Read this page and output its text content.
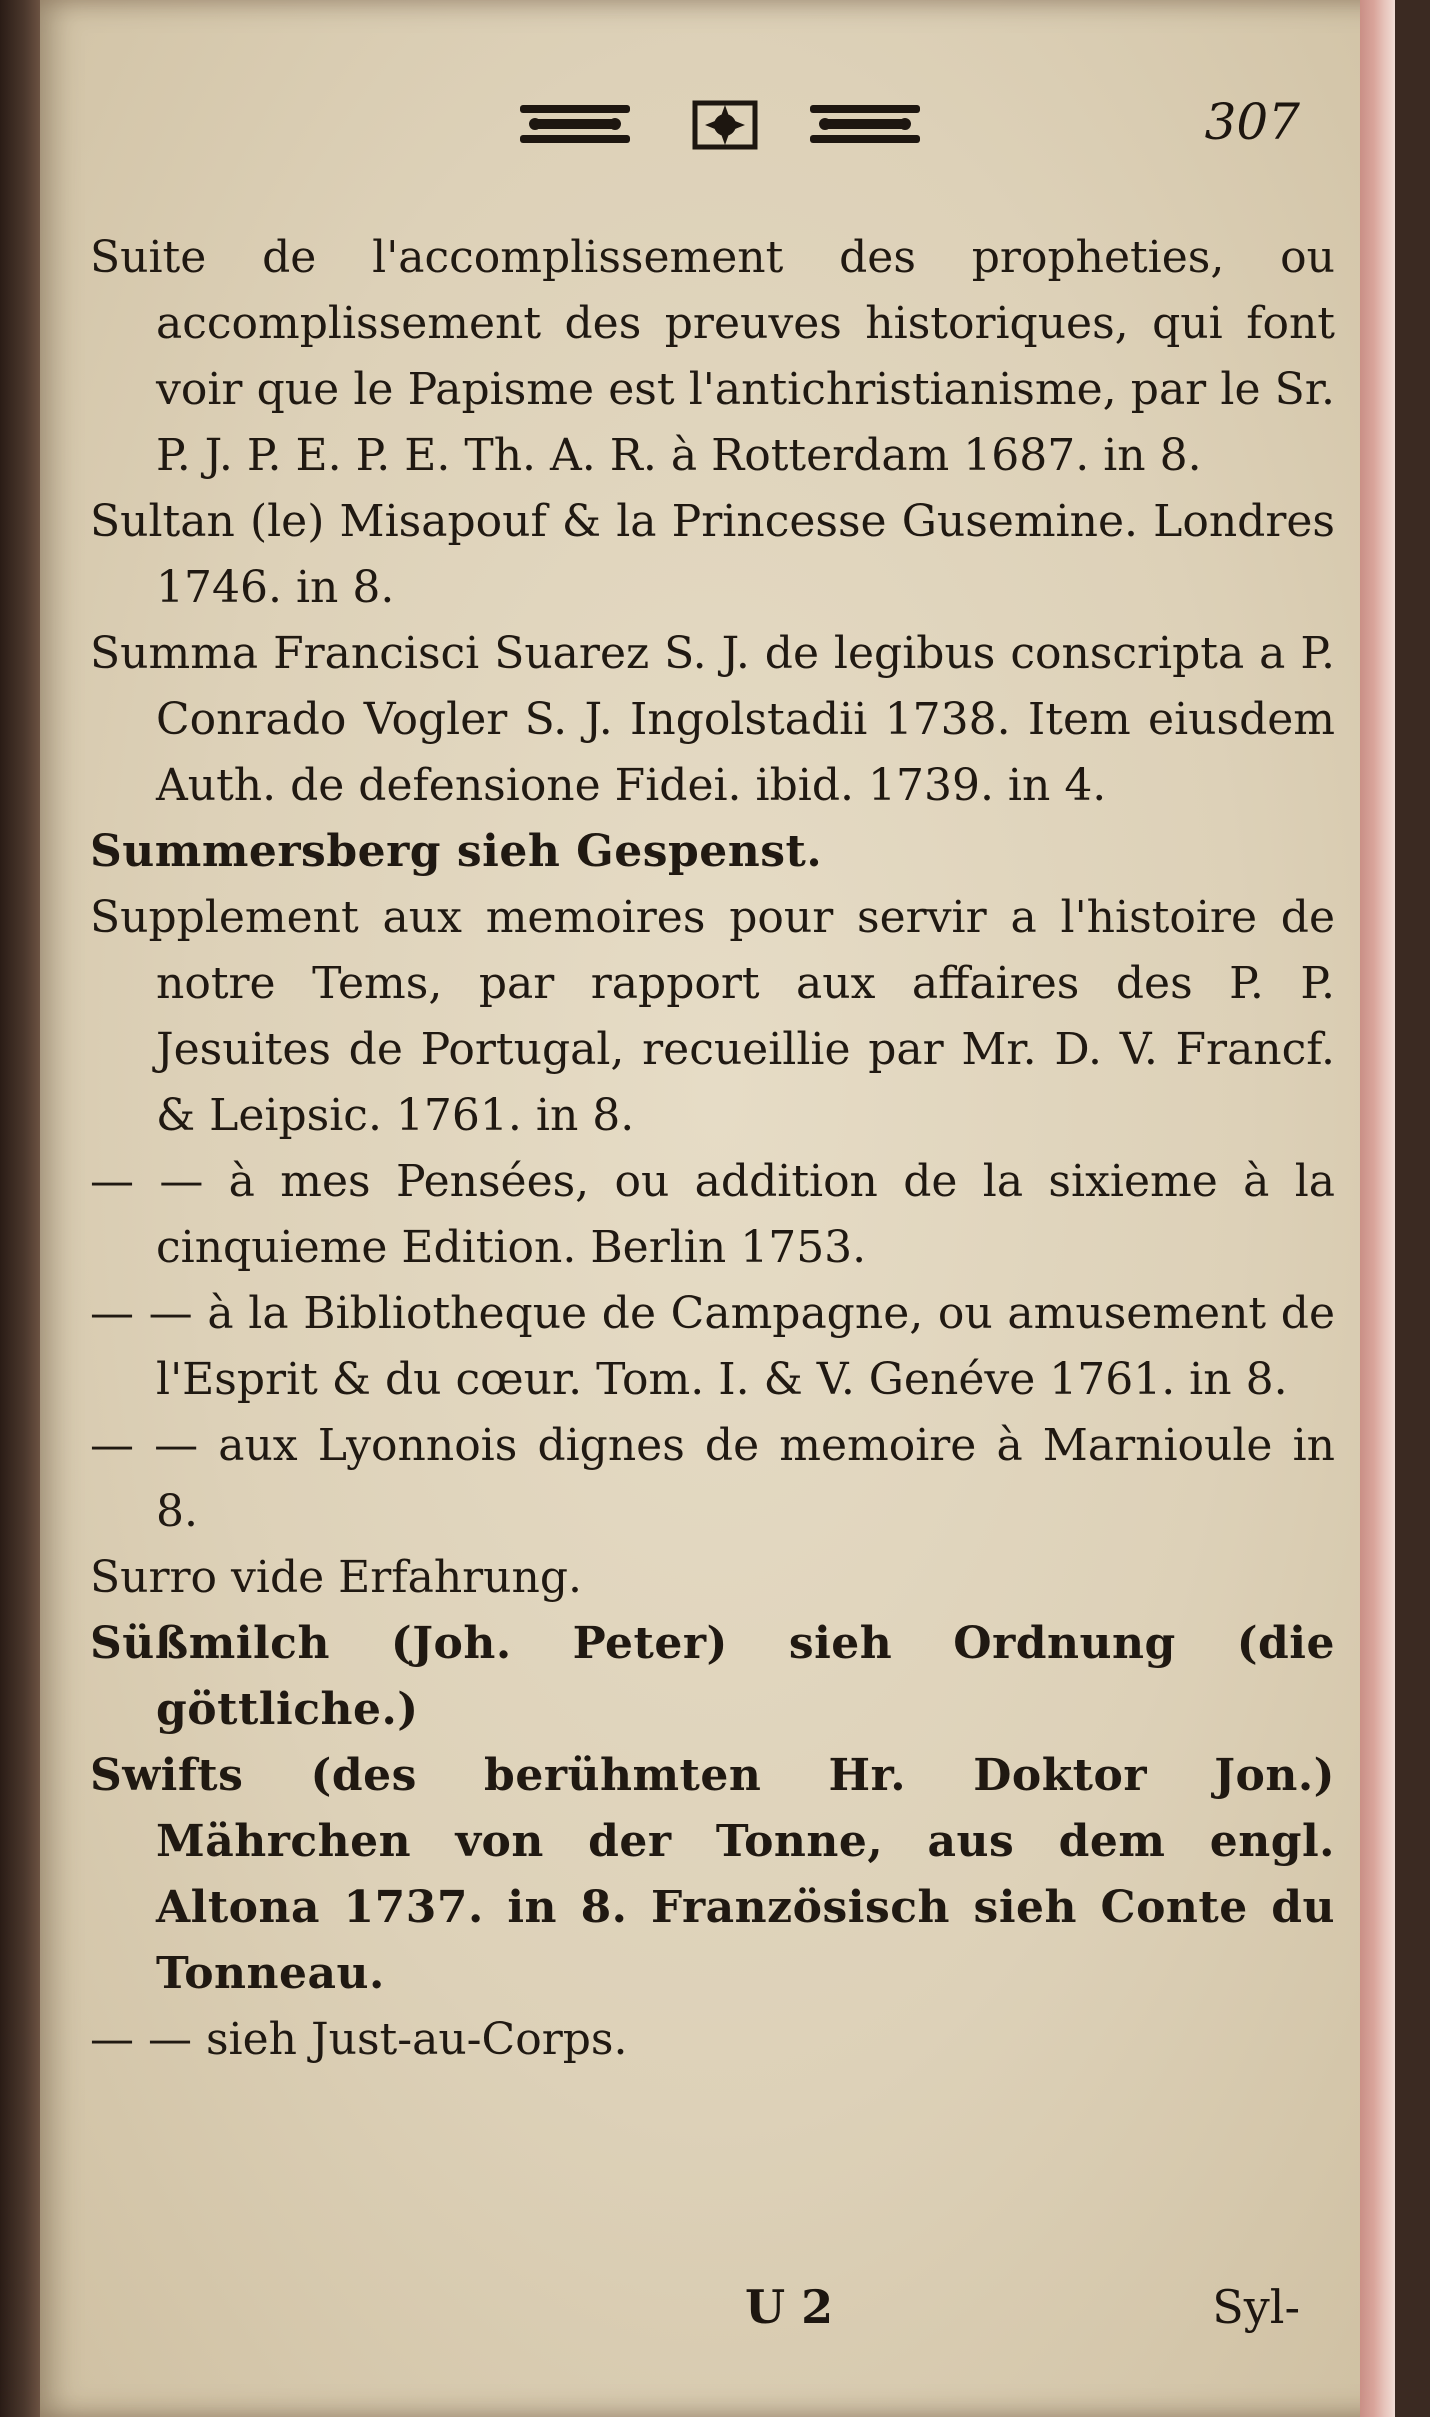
307

Suite de l'accomplissement des propheties, ou accomplissement des preuves historiques, qui font voir que le Papisme est l'antichristianisme, par le Sr. P. J. P. E. P. E. Th. A. R. à Rotterdam 1687. in 8.

Sultan (le) Misapouf & la Princesse Gusemine. Londres 1746. in 8.

Summa Francisci Suarez S. J. de legibus conscripta a P. Conrado Vogler S. J. Ingolstadii 1738. Item eiusdem Auth. de defensione Fidei. ibid. 1739. in 4.

Summersberg sieh Gespenst.

Supplement aux memoires pour servir a l'histoire de notre Tems, par rapport aux affaires des P. P. Jesuites de Portugal, recueillie par Mr. D. V. Francf. & Leipsic. 1761. in 8.

— — à mes Pensées, ou addition de la sixieme à la cinquieme Edition. Berlin 1753.

— — à la Bibliotheque de Campagne, ou amusement de l'Esprit & du cœur. Tom. I. & V. Genéve 1761. in 8.

— — aux Lyonnois dignes de memoire à Marnioule in 8.

Surro vide Erfahrung.

Süßmilch (Joh. Peter) sieh Ordnung (die göttliche.)

Swifts (des berühmten Hr. Doktor Jon.) Mährchen von der Tonne, aus dem engl. Altona 1737. in 8. Französisch sieh Conte du Tonneau.

— — sieh Just-au-Corps.

U 2	Syl-
